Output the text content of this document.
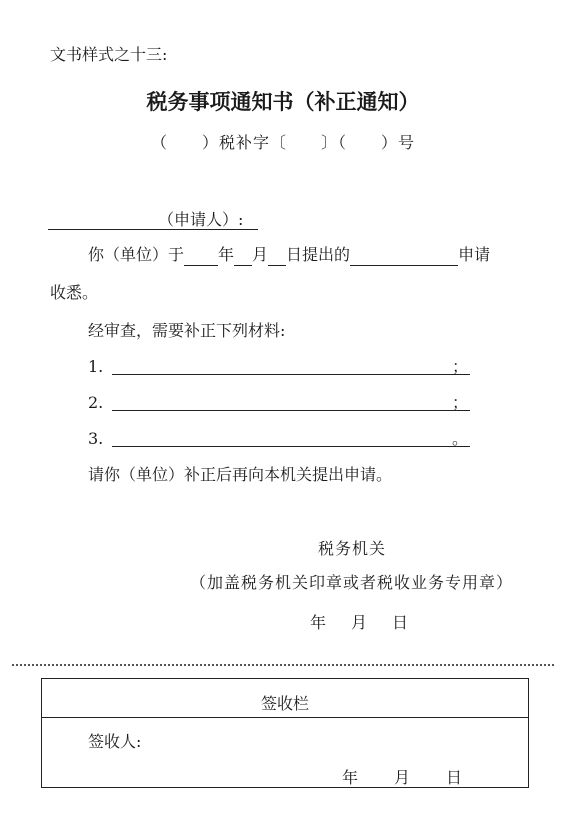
文书样式之十三:
税务事项通知书（补正通知）
（　　）税补字〔　　〕（　　）号
（申请人）:
你（单位）于 年 月 日提出的	申请
收悉。
经审查，需要补正下列材料:
1.	；
2.	；
3.	。
请你（单位）补正后再向本机关提出申请。
税务机关
（加盖税务机关印章或者税收业务专用章）
年 月 日
签收栏
签收人:
年 月 日
